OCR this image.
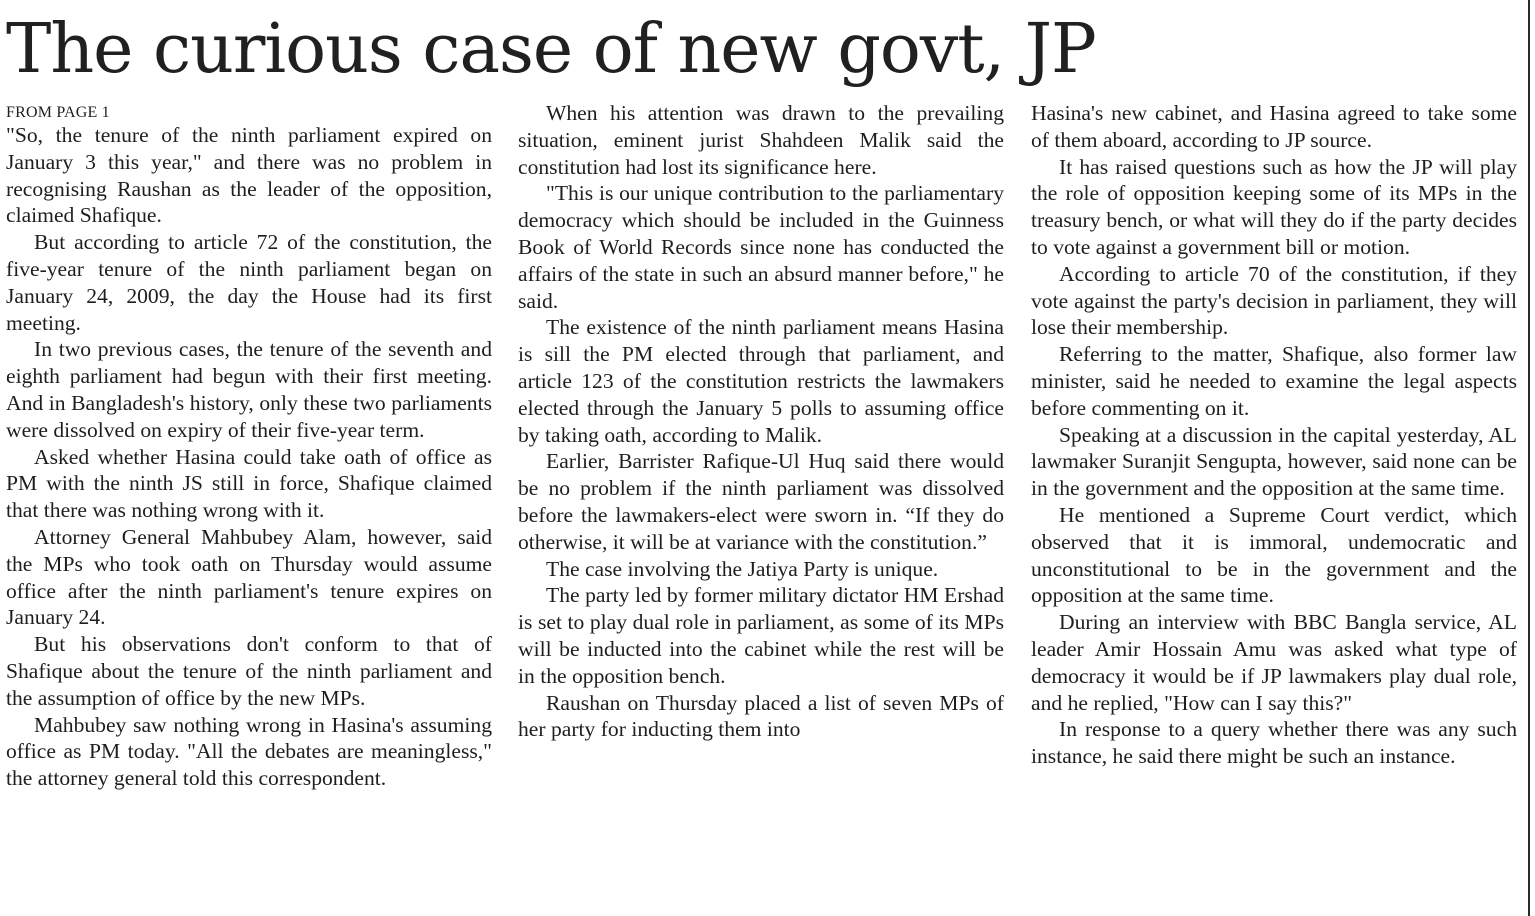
The curious case of new govt, JP
FROM PAGE 1

"So, the tenure of the ninth parliament expired on January 3 this year," and there was no problem in recognising Raushan as the leader of the opposition, claimed Shafique.

But according to article 72 of the constitution, the five-year tenure of the ninth parliament began on January 24, 2009, the day the House had its first meeting.

In two previous cases, the tenure of the seventh and eighth parliament had begun with their first meeting. And in Bangladesh's history, only these two parliaments were dissolved on expiry of their five-year term.

Asked whether Hasina could take oath of office as PM with the ninth JS still in force, Shafique claimed that there was nothing wrong with it.

Attorney General Mahbubey Alam, however, said the MPs who took oath on Thursday would assume office after the ninth parliament's tenure expires on January 24.

But his observations don't conform to that of Shafique about the tenure of the ninth parliament and the assumption of office by the new MPs.

Mahbubey saw nothing wrong in Hasina's assuming office as PM today. "All the debates are meaningless," the attorney general told this correspondent.

When his attention was drawn to the prevailing situation, eminent jurist Shahdeen Malik said the constitution had lost its significance here.

"This is our unique contribution to the parliamentary democracy which should be included in the Guinness Book of World Records since none has conducted the affairs of the state in such an absurd manner before," he said.

The existence of the ninth parliament means Hasina is sill the PM elected through that parliament, and article 123 of the constitution restricts the lawmakers elected through the January 5 polls to assuming office by taking oath, according to Malik.

Earlier, Barrister Rafique-Ul Huq said there would be no problem if the ninth parliament was dissolved before the lawmakers-elect were sworn in. “If they do otherwise, it will be at variance with the constitution.”

The case involving the Jatiya Party is unique.

The party led by former military dictator HM Ershad is set to play dual role in parliament, as some of its MPs will be inducted into the cabinet while the rest will be in the opposition bench.

Raushan on Thursday placed a list of seven MPs of her party for inducting them into

Hasina's new cabinet, and Hasina agreed to take some of them aboard, according to JP source.

It has raised questions such as how the JP will play the role of opposition keeping some of its MPs in the treasury bench, or what will they do if the party decides to vote against a government bill or motion.

According to article 70 of the constitution, if they vote against the party's decision in parliament, they will lose their membership.

Referring to the matter, Shafique, also former law minister, said he needed to examine the legal aspects before commenting on it.

Speaking at a discussion in the capital yesterday, AL lawmaker Suranjit Sengupta, however, said none can be in the government and the opposition at the same time.

He mentioned a Supreme Court verdict, which observed that it is immoral, undemocratic and unconstitutional to be in the government and the opposition at the same time.

During an interview with BBC Bangla service, AL leader Amir Hossain Amu was asked what type of democracy it would be if JP lawmakers play dual role, and he replied, "How can I say this?"

In response to a query whether there was any such instance, he said there might be such an instance.
